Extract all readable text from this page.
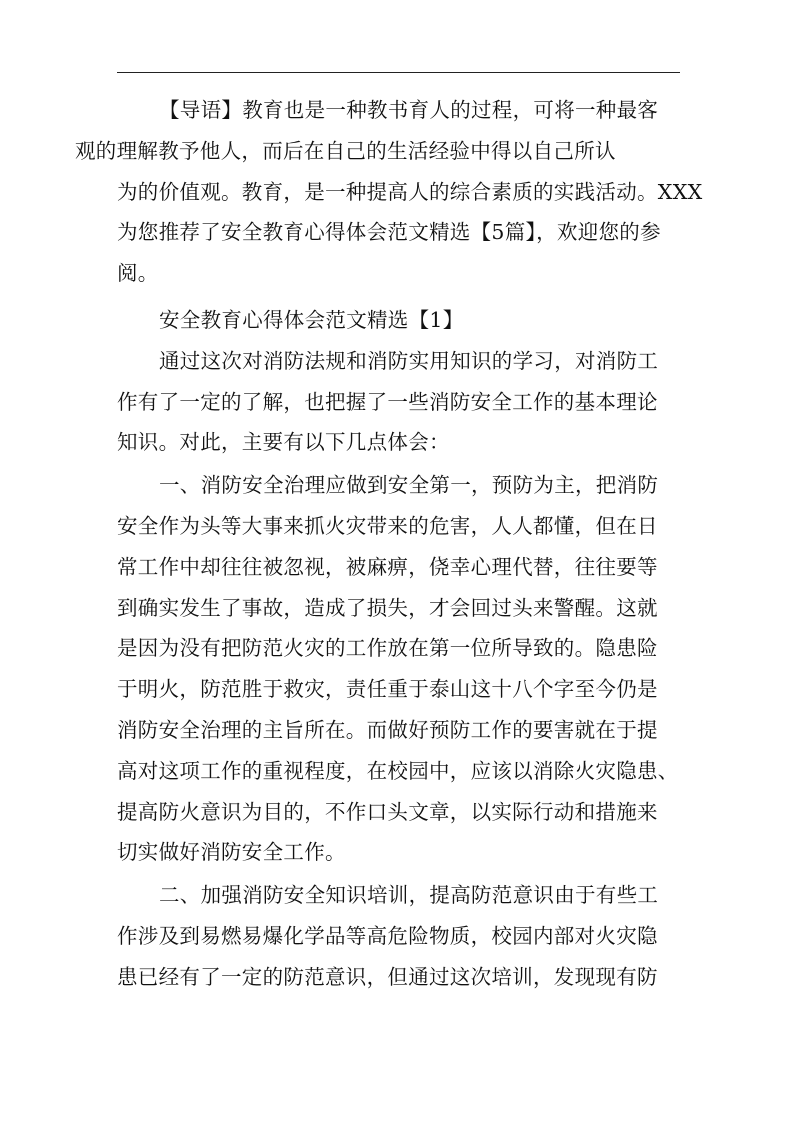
【导语】教育也是一种教书育人的过程，可将一种最客
观的理解教予他人，而后在自己的生活经验中得以自己所认
为的价值观。教育，是一种提高人的综合素质的实践活动。XXX
为您推荐了安全教育心得体会范文精选【5篇】，欢迎您的参
阅。

安全教育心得体会范文精选【1】

通过这次对消防法规和消防实用知识的学习，对消防工
作有了一定的了解，也把握了一些消防安全工作的基本理论
知识。对此，主要有以下几点体会：

一、消防安全治理应做到安全第一，预防为主，把消防
安全作为头等大事来抓火灾带来的危害，人人都懂，但在日
常工作中却往往被忽视，被麻痹，侥幸心理代替，往往要等
到确实发生了事故，造成了损失，才会回过头来警醒。这就
是因为没有把防范火灾的工作放在第一位所导致的。隐患险
于明火，防范胜于救灾，责任重于泰山这十八个字至今仍是
消防安全治理的主旨所在。而做好预防工作的要害就在于提
高对这项工作的重视程度，在校园中，应该以消除火灾隐患、
提高防火意识为目的，不作口头文章，以实际行动和措施来
切实做好消防安全工作。

二、加强消防安全知识培训，提高防范意识由于有些工
作涉及到易燃易爆化学品等高危险物质，校园内部对火灾隐
患已经有了一定的防范意识，但通过这次培训，发现现有防
